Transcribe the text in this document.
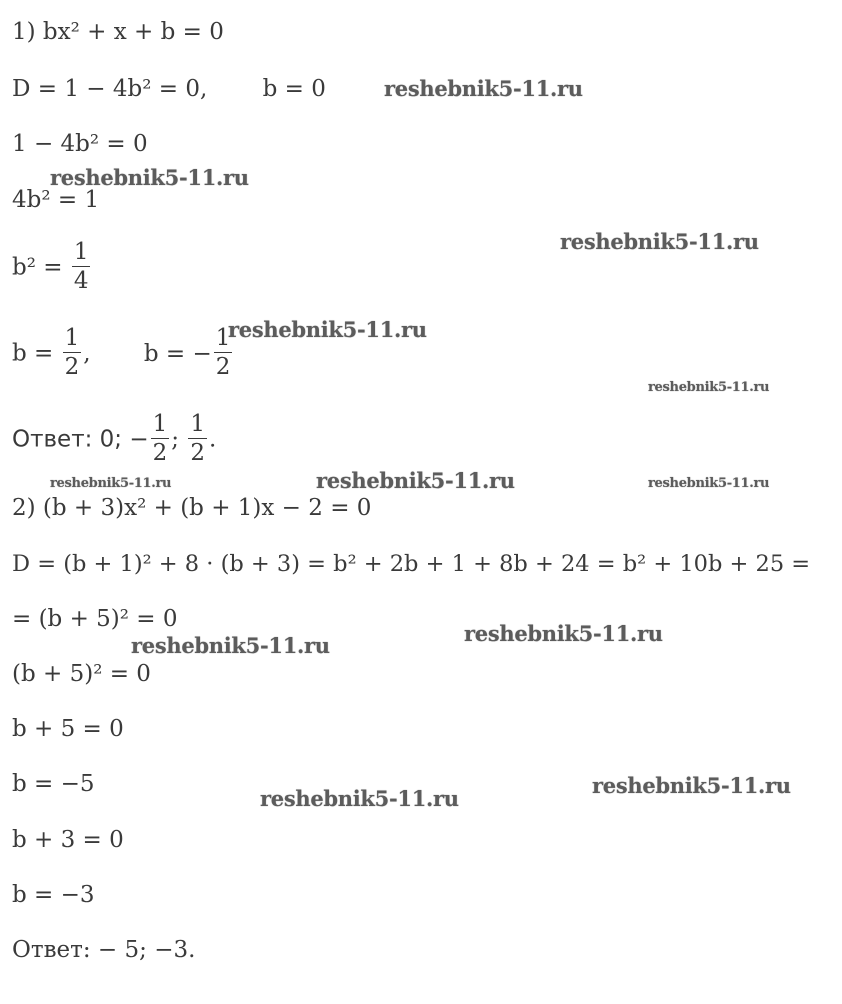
1) bx² + x + b = 0
D = 1 − 4b² = 0, b = 0
1 − 4b² = 0
4b² = 1
$b^2 = \frac{1}{4}$
$b = \frac{1}{2}$ , b = − $\frac{1}{2}$
Ответ: 0; − $\frac{1}{2}$ ; $\frac{1}{2}$ .
2) (b + 3)x² + (b + 1)x − 2 = 0
D = (b + 1)² + 8 · (b + 3) = b² + 2b + 1 + 8b + 24 = b² + 10b + 25 =
= (b + 5)² = 0
(b + 5)² = 0
b + 5 = 0
b = −5
b + 3 = 0
b = −3
Ответ: − 5; −3.
reshebnik5-11.ru
reshebnik5-11.ru
reshebnik5-11.ru
reshebnik5-11.ru
reshebnik5-11.ru
reshebnik5-11.ru	reshebnik5-11.ru	reshebnik5-11.ru
reshebnik5-11.ru	reshebnik5-11.ru
reshebnik5-11.ru
reshebnik5-11.ru
